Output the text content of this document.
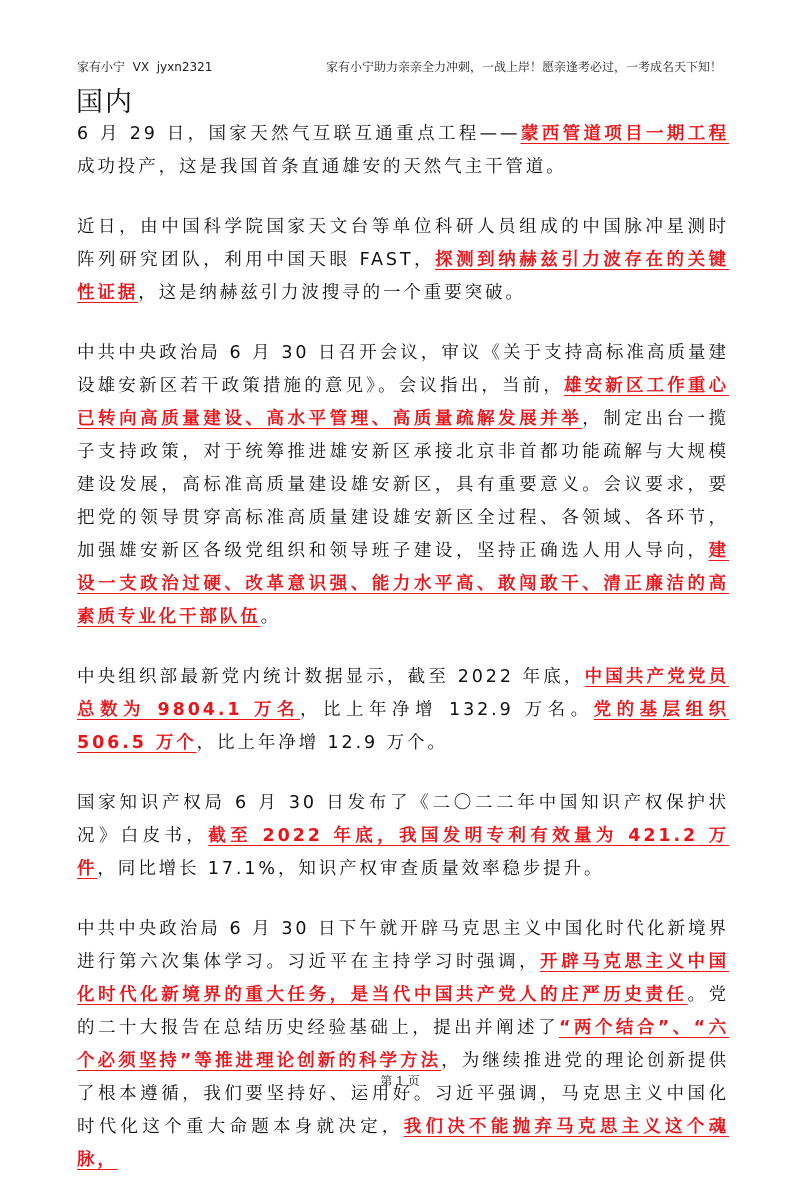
家有小宁  VX  jyxn2321	家有小宁助力亲亲全力冲刺，一战上岸！愿亲逢考必过，一考成名天下知！
国内

6 月 29 日，国家天然气互联互通重点工程——蒙西管道项目一期工程成功投产，这是我国首条直通雄安的天然气主干管道。

近日，由中国科学院国家天文台等单位科研人员组成的中国脉冲星测时阵列研究团队，利用中国天眼 FAST，探测到纳赫兹引力波存在的关键性证据，这是纳赫兹引力波搜寻的一个重要突破。

中共中央政治局 6 月 30 日召开会议，审议《关于支持高标准高质量建设雄安新区若干政策措施的意见》。会议指出，当前，雄安新区工作重心已转向高质量建设、高水平管理、高质量疏解发展并举，制定出台一揽子支持政策，对于统筹推进雄安新区承接北京非首都功能疏解与大规模建设发展，高标准高质量建设雄安新区，具有重要意义。会议要求，要把党的领导贯穿高标准高质量建设雄安新区全过程、各领域、各环节，加强雄安新区各级党组织和领导班子建设，坚持正确选人用人导向，建设一支政治过硬、改革意识强、能力水平高、敢闯敢干、清正廉洁的高素质专业化干部队伍。

中央组织部最新党内统计数据显示，截至 2022 年底，中国共产党党员总数为 9804.1 万名，比上年净增 132.9 万名。党的基层组织 506.5 万个，比上年净增 12.9 万个。

国家知识产权局 6 月 30 日发布了《二〇二二年中国知识产权保护状况》白皮书，截至 2022 年底，我国发明专利有效量为 421.2 万件，同比增长 17.1%，知识产权审查质量效率稳步提升。

中共中央政治局 6 月 30 日下午就开辟马克思主义中国化时代化新境界进行第六次集体学习。习近平在主持学习时强调，开辟马克思主义中国化时代化新境界的重大任务，是当代中国共产党人的庄严历史责任。党的二十大报告在总结历史经验基础上，提出并阐述了“两个结合”、“六个必须坚持”等推进理论创新的科学方法，为继续推进党的理论创新提供了根本遵循，我们要坚持好、运用好。习近平强调，马克思主义中国化时代化这个重大命题本身就决定，我们决不能抛弃马克思主义这个魂脉，

第 1 页
